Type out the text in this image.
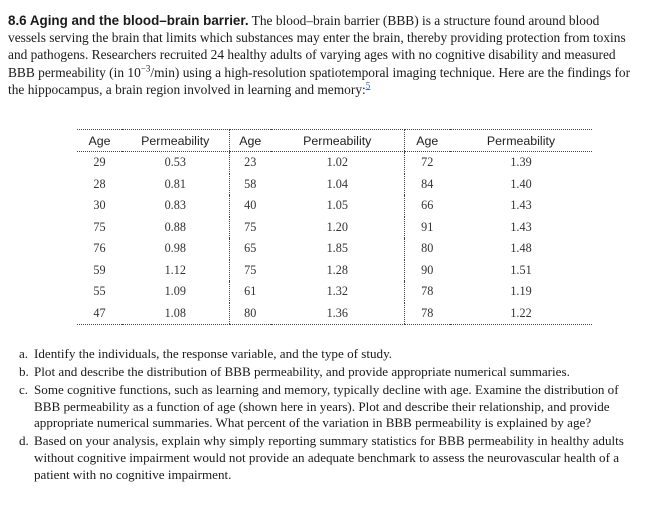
8.6 Aging and the blood–brain barrier. The blood–brain barrier (BBB) is a structure found around blood vessels serving the brain that limits which substances may enter the brain, thereby providing protection from toxins and pathogens. Researchers recruited 24 healthy adults of varying ages with no cognitive disability and measured BBB permeability (in $10^{-3}/\min$) using a high-resolution spatiotemporal imaging technique. Here are the findings for the hippocampus, a brain region involved in learning and memory:$^5$

Age	Permeability	Age	Permeability	Age	Permeability
29	0.53	23	1.02	72	1.39
28	0.81	58	1.04	84	1.40
30	0.83	40	1.05	66	1.43
75	0.88	75	1.20	91	1.43
76	0.98	65	1.85	80	1.48
59	1.12	75	1.28	90	1.51
55	1.09	61	1.32	78	1.19
47	1.08	80	1.36	78	1.22
a. Identify the individuals, the response variable, and the type of study.
b. Plot and describe the distribution of BBB permeability, and provide appropriate numerical summaries.
c. Some cognitive functions, such as learning and memory, typically decline with age. Examine the distribution of BBB permeability as a function of age (shown here in years). Plot and describe their relationship, and provide appropriate numerical summaries. What percent of the variation in BBB permeability is explained by age?
d. Based on your analysis, explain why simply reporting summary statistics for BBB permeability in healthy adults without cognitive impairment would not provide an adequate benchmark to assess the neurovascular health of a patient with no cognitive impairment.
